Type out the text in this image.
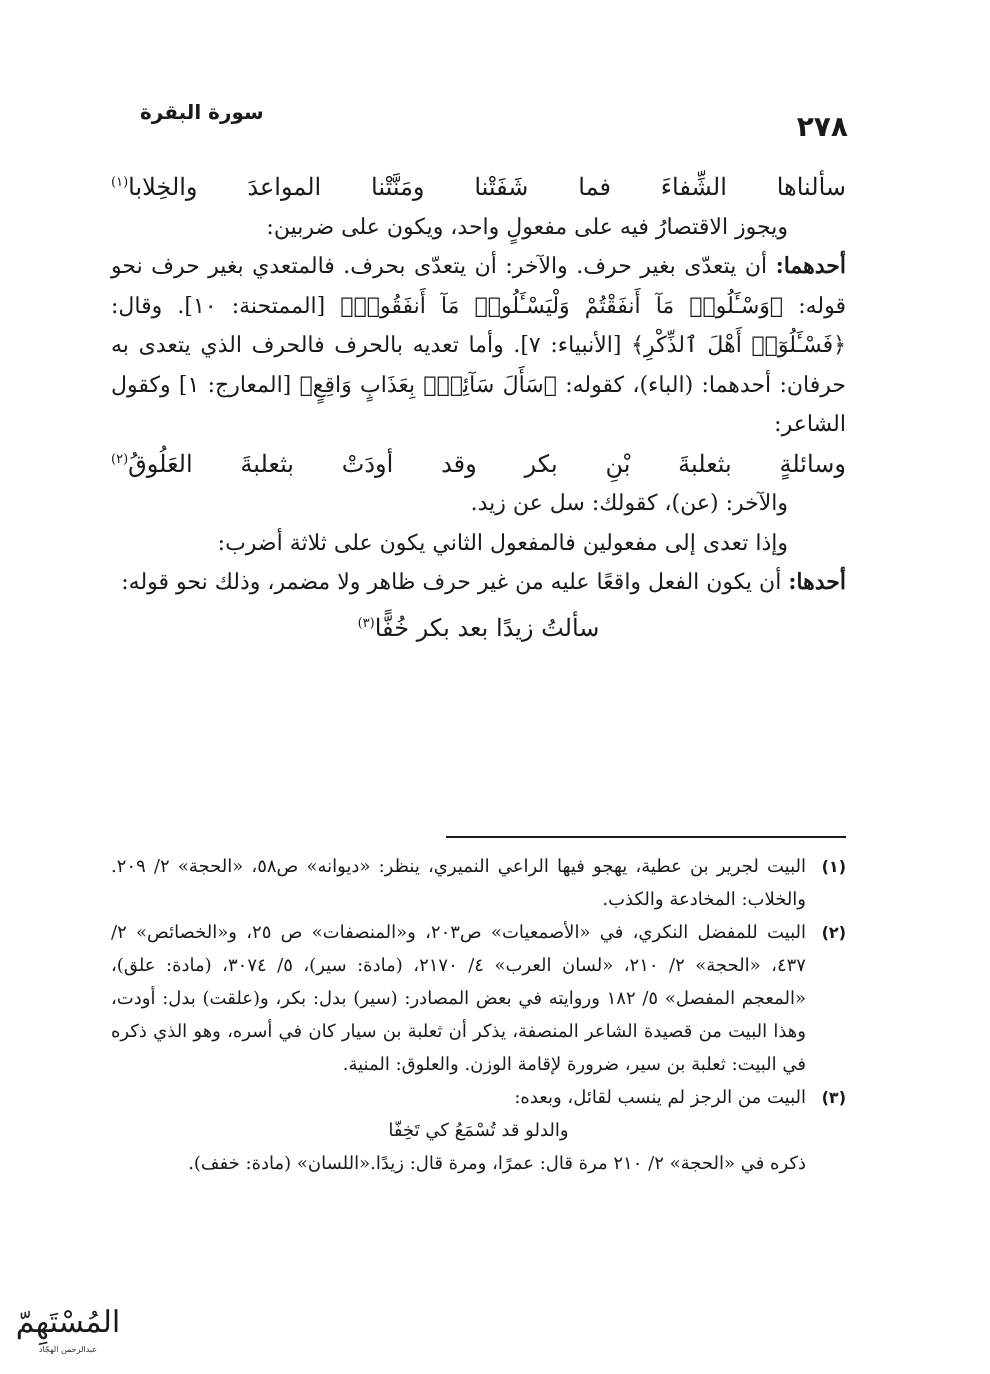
٢٧٨
سورة البقرة

سألناها الشِّفاءَ فما شَفَتْنا ومَنَّتْنا المواعدَ والخِلابا$^{(١)}$

ويجوز الاقتصارُ فيه على مفعولٍ واحد، ويكون على ضربين:

أحدهما: أن يتعدّى بغير حرف. والآخر: أن يتعدّى بحرف. فالمتعدي بغير حرف نحو قوله: ﴿وَسْـَٔلُوا۟ مَآ أَنفَقْتُمْ وَلْيَسْـَٔلُوا۟ مَآ أَنفَقُوا۟﴾ [الممتحنة: ١٠]. وقال: ﴿فَسْـَٔلُوٓا۟ أَهْلَ ٱلذِّكْرِ﴾ [الأنبياء: ٧]. وأما تعديه بالحرف فالحرف الذي يتعدى به حرفان: أحدهما: (الباء)، كقوله: ﴿سَأَلَ سَآئِلٌۢ بِعَذَابٍ وَاقِعٍ﴾ [المعارج: ١] وكقول الشاعر:

وسائلةٍ بثعلبةَ بْنِ بكر وقد أودَتْ بثعلبةَ العَلُوقُ$^{(٢)}$

والآخر: (عن)، كقولك: سل عن زيد.

وإذا تعدى إلى مفعولين فالمفعول الثاني يكون على ثلاثة أضرب:

أحدها: أن يكون الفعل واقعًا عليه من غير حرف ظاهر ولا مضمر، وذلك نحو قوله:

سألتُ زيدًا بعد بكر خُفًّا$^{(٣)}$

(١)
البيت لجرير بن عطية، يهجو فيها الراعي النميري، ينظر: «ديوانه» ص٥٨، «الحجة» ٢/ ٢٠٩. والخلاب: المخادعة والكذب.
(٢)
البيت للمفضل النكري، في «الأصمعيات» ص٢٠٣، و«المنصفات» ص ٢٥، و«الخصائص» ٢/ ٤٣٧، «الحجة» ٢/ ٢١٠، «لسان العرب» ٤/ ٢١٧٠، (مادة: سير)، ٥/ ٣٠٧٤، (مادة: علق)، «المعجم المفصل» ٥/ ١٨٢ وروايته في بعض المصادر: (سير) بدل: بكر، و(علقت) بدل: أودت، وهذا البيت من قصيدة الشاعر المنصفة، يذكر أن ثعلبة بن سيار كان في أسره، وهو الذي ذكره في البيت: ثعلبة بن سير، ضرورة لإقامة الوزن. والعلوق: المنية.
(٣)
البيت من الرجز لم ينسب لقائل، وبعده:

والدلو قد تُسْمَعُ كي تَخِفّا

ذكره في «الحجة» ٢/ ٢١٠ مرة قال: عمرًا، ومرة قال: زيدًا.«اللسان» (مادة: خفف).

المُسْتَهِمّ
عبدالرحمن الهجّاد
